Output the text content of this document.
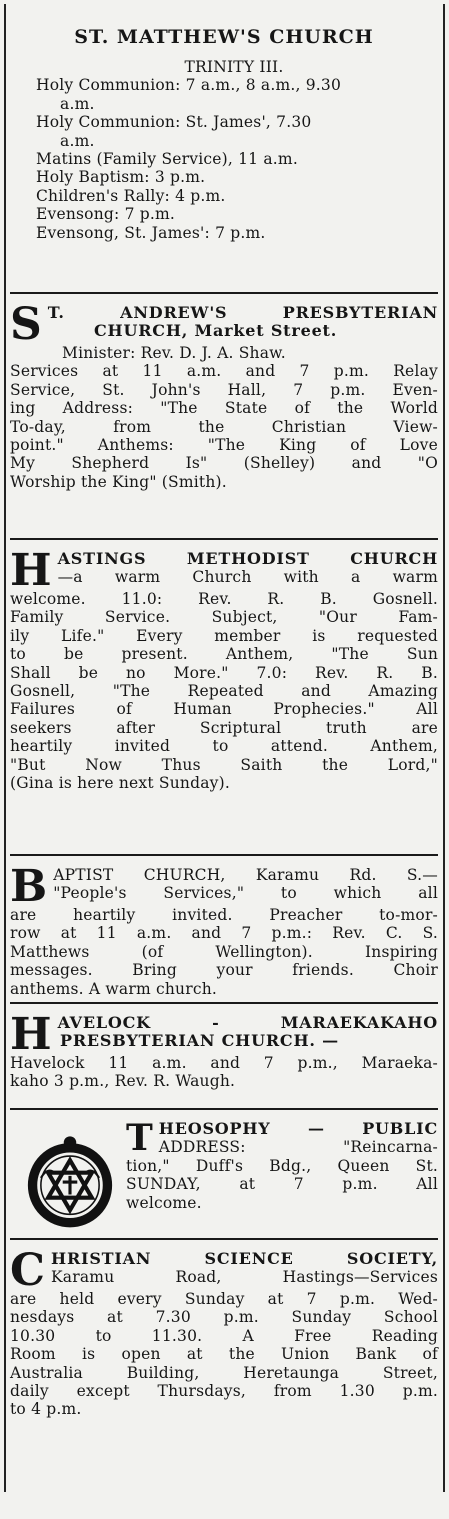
ST. MATTHEW'S CHURCH
TRINITY III.
Holy Communion: 7 a.m., 8 a.m., 9.30
a.m.
Holy Communion: St. James', 7.30
a.m.
Matins (Family Service), 11 a.m.
Holy Baptism: 3 p.m.
Children's Rally: 4 p.m.
Evensong: 7 p.m.
Evensong, St. James': 7 p.m.
S T. ANDREW'S PRESBYTERIAN
CHURCH, Market Street.
Minister: Rev. D. J. A. Shaw.
Services at 11 a.m. and 7 p.m. Relay
Service, St. John's Hall, 7 p.m. Even-
ing Address: "The State of the World
To-day, from the Christian View-
point." Anthems: "The King of Love
My Shepherd Is" (Shelley) and "O
Worship the King" (Smith).
H ASTINGS METHODIST CHURCH
—a warm Church with a warm
welcome. 11.0: Rev. R. B. Gosnell.
Family Service. Subject, "Our Fam-
ily Life." Every member is requested
to be present. Anthem, "The Sun
Shall be no More." 7.0: Rev. R. B.
Gosnell, "The Repeated and Amazing
Failures of Human Prophecies." All
seekers after Scriptural truth are
heartily invited to attend. Anthem,
"But Now Thus Saith the Lord,"
(Gina is here next Sunday).
B APTIST CHURCH, Karamu Rd. S.—
"People's Services," to which all
are heartily invited. Preacher to-mor-
row at 11 a.m. and 7 p.m.: Rev. C. S.
Matthews (of Wellington). Inspiring
messages. Bring your friends. Choir
anthems. A warm church.
H AVELOCK - MARAEKAKAHO
PRESBYTERIAN CHURCH. —
Havelock 11 a.m. and 7 p.m., Maraeka-
kaho 3 p.m., Rev. R. Waugh.
T HEOSOPHY — PUBLIC
ADDRESS: "Reincarna-
tion," Duff's Bdg., Queen St.
SUNDAY, at 7 p.m. All
welcome.
C HRISTIAN SCIENCE SOCIETY,
Karamu Road, Hastings—Services
are held every Sunday at 7 p.m. Wed-
nesdays at 7.30 p.m. Sunday School
10.30 to 11.30. A Free Reading
Room is open at the Union Bank of
Australia Building, Heretaunga Street,
daily except Thursdays, from 1.30 p.m.
to 4 p.m.
